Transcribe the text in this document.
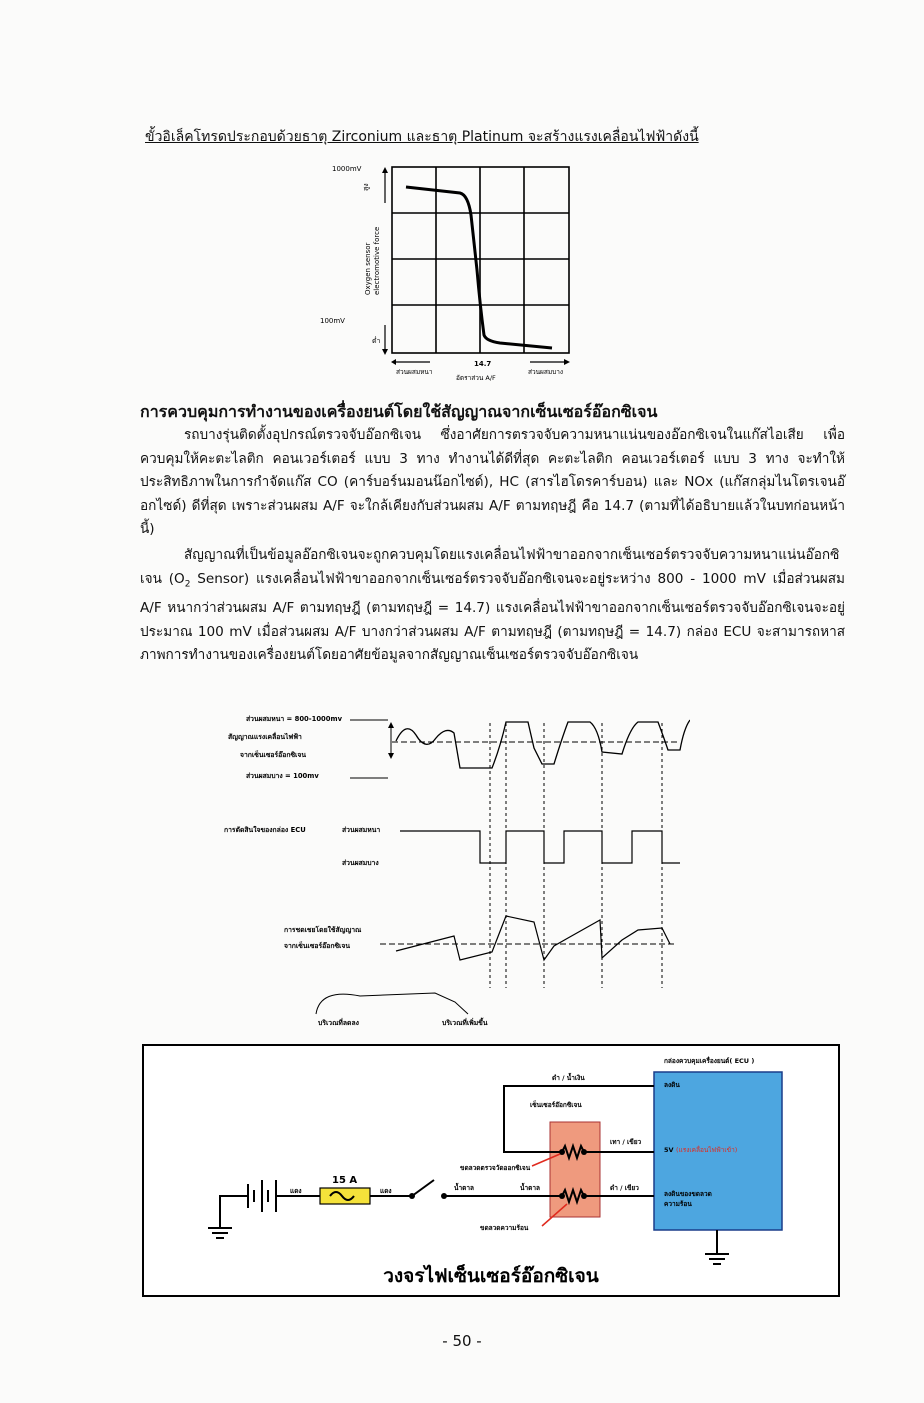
ขั้วอิเล็คโทรดประกอบด้วยธาตุ Zirconium และธาตุ Platinum จะสร้างแรงเคลื่อนไฟฟ้าดังนี้
1000mV
100mV
สูง
ต่ำ
Oxygen sensor electromotive force
14.7
ส่วนผสมหนา
อัตราส่วน A/F
ส่วนผสมบาง
การควบคุมการทำงานของเครื่องยนต์โดยใช้สัญญาณจากเซ็นเซอร์อ๊อกซิเจน

รถบางรุ่นติดตั้งอุปกรณ์ตรวจจับอ๊อกซิเจน ซึ่งอาศัยการตรวจจับความหนาแน่นของอ๊อกซิเจนในแก๊สไอเสีย เพื่อควบคุมให้คะตะไลติก คอนเวอร์เตอร์ แบบ 3 ทาง ทำงานได้ดีที่สุด คะตะไลติก คอนเวอร์เตอร์ แบบ 3 ทาง จะทำให้ประสิทธิภาพในการกำจัดแก๊ส CO (คาร์บอร์นมอนน๊อกไซด์), HC (สารไฮโดรคาร์บอน) และ NOx (แก๊สกลุ่มไนโตรเจนอ๊อกไซด์) ดีที่สุด เพราะส่วนผสม A/F จะใกล้เคียงกับส่วนผสม A/F ตามทฤษฎี คือ 14.7 (ตามที่ได้อธิบายแล้วในบทก่อนหน้านี้)

สัญญาณที่เป็นข้อมูลอ๊อกซิเจนจะถูกควบคุมโดยแรงเคลื่อนไฟฟ้าขาออกจากเซ็นเซอร์ตรวจจับความหนาแน่นอ๊อกซิเจน ($O_2$ Sensor) แรงเคลื่อนไฟฟ้าขาออกจากเซ็นเซอร์ตรวจจับอ๊อกซิเจนจะอยู่ระหว่าง 800 - 1000 mV เมื่อส่วนผสม A/F หนากว่าส่วนผสม A/F ตามทฤษฎี (ตามทฤษฎี = 14.7) แรงเคลื่อนไฟฟ้าขาออกจากเซ็นเซอร์ตรวจจับอ๊อกซิเจนจะอยู่ประมาณ 100 mV เมื่อส่วนผสม A/F บางกว่าส่วนผสม A/F ตามทฤษฎี (ตามทฤษฎี = 14.7) กล่อง ECU จะสามารถหาสภาพการทำงานของเครื่องยนต์โดยอาศัยข้อมูลจากสัญญาณเซ็นเซอร์ตรวจจับอ๊อกซิเจน

ส่วนผสมหนา = 800-1000mv
สัญญาณแรงเคลื่อนไฟฟ้า
จากเซ็นเซอร์อ๊อกซิเจน
ส่วนผสมบาง = 100mv
การตัดสินใจของกล่อง ECU	ส่วนผสมหนา
ส่วนผสมบาง
การชดเชยโดยใช้สัญญาณ
จากเซ็นเซอร์อ๊อกซิเจน
บริเวณที่ลดลง	บริเวณที่เพิ่มขึ้น
กล่องควบคุมเครื่องยนต์( ECU )
ลงดิน
5V (แรงเคลื่อนไฟฟ้าเข้า)
ลงดินของขดลวด
ความร้อน
เซ็นเซอร์อ๊อกซิเจน
ดำ / น้ำเงิน
เทา / เขียว
ดำ / เขียว
ขดลวดตรวจวัดออกซิเจน
น้ำตาล	น้ำตาล
ขดลวดความร้อน
15 A
แดง	แดง
วงจรไฟเซ็นเซอร์อ๊อกซิเจน
- 50 -
